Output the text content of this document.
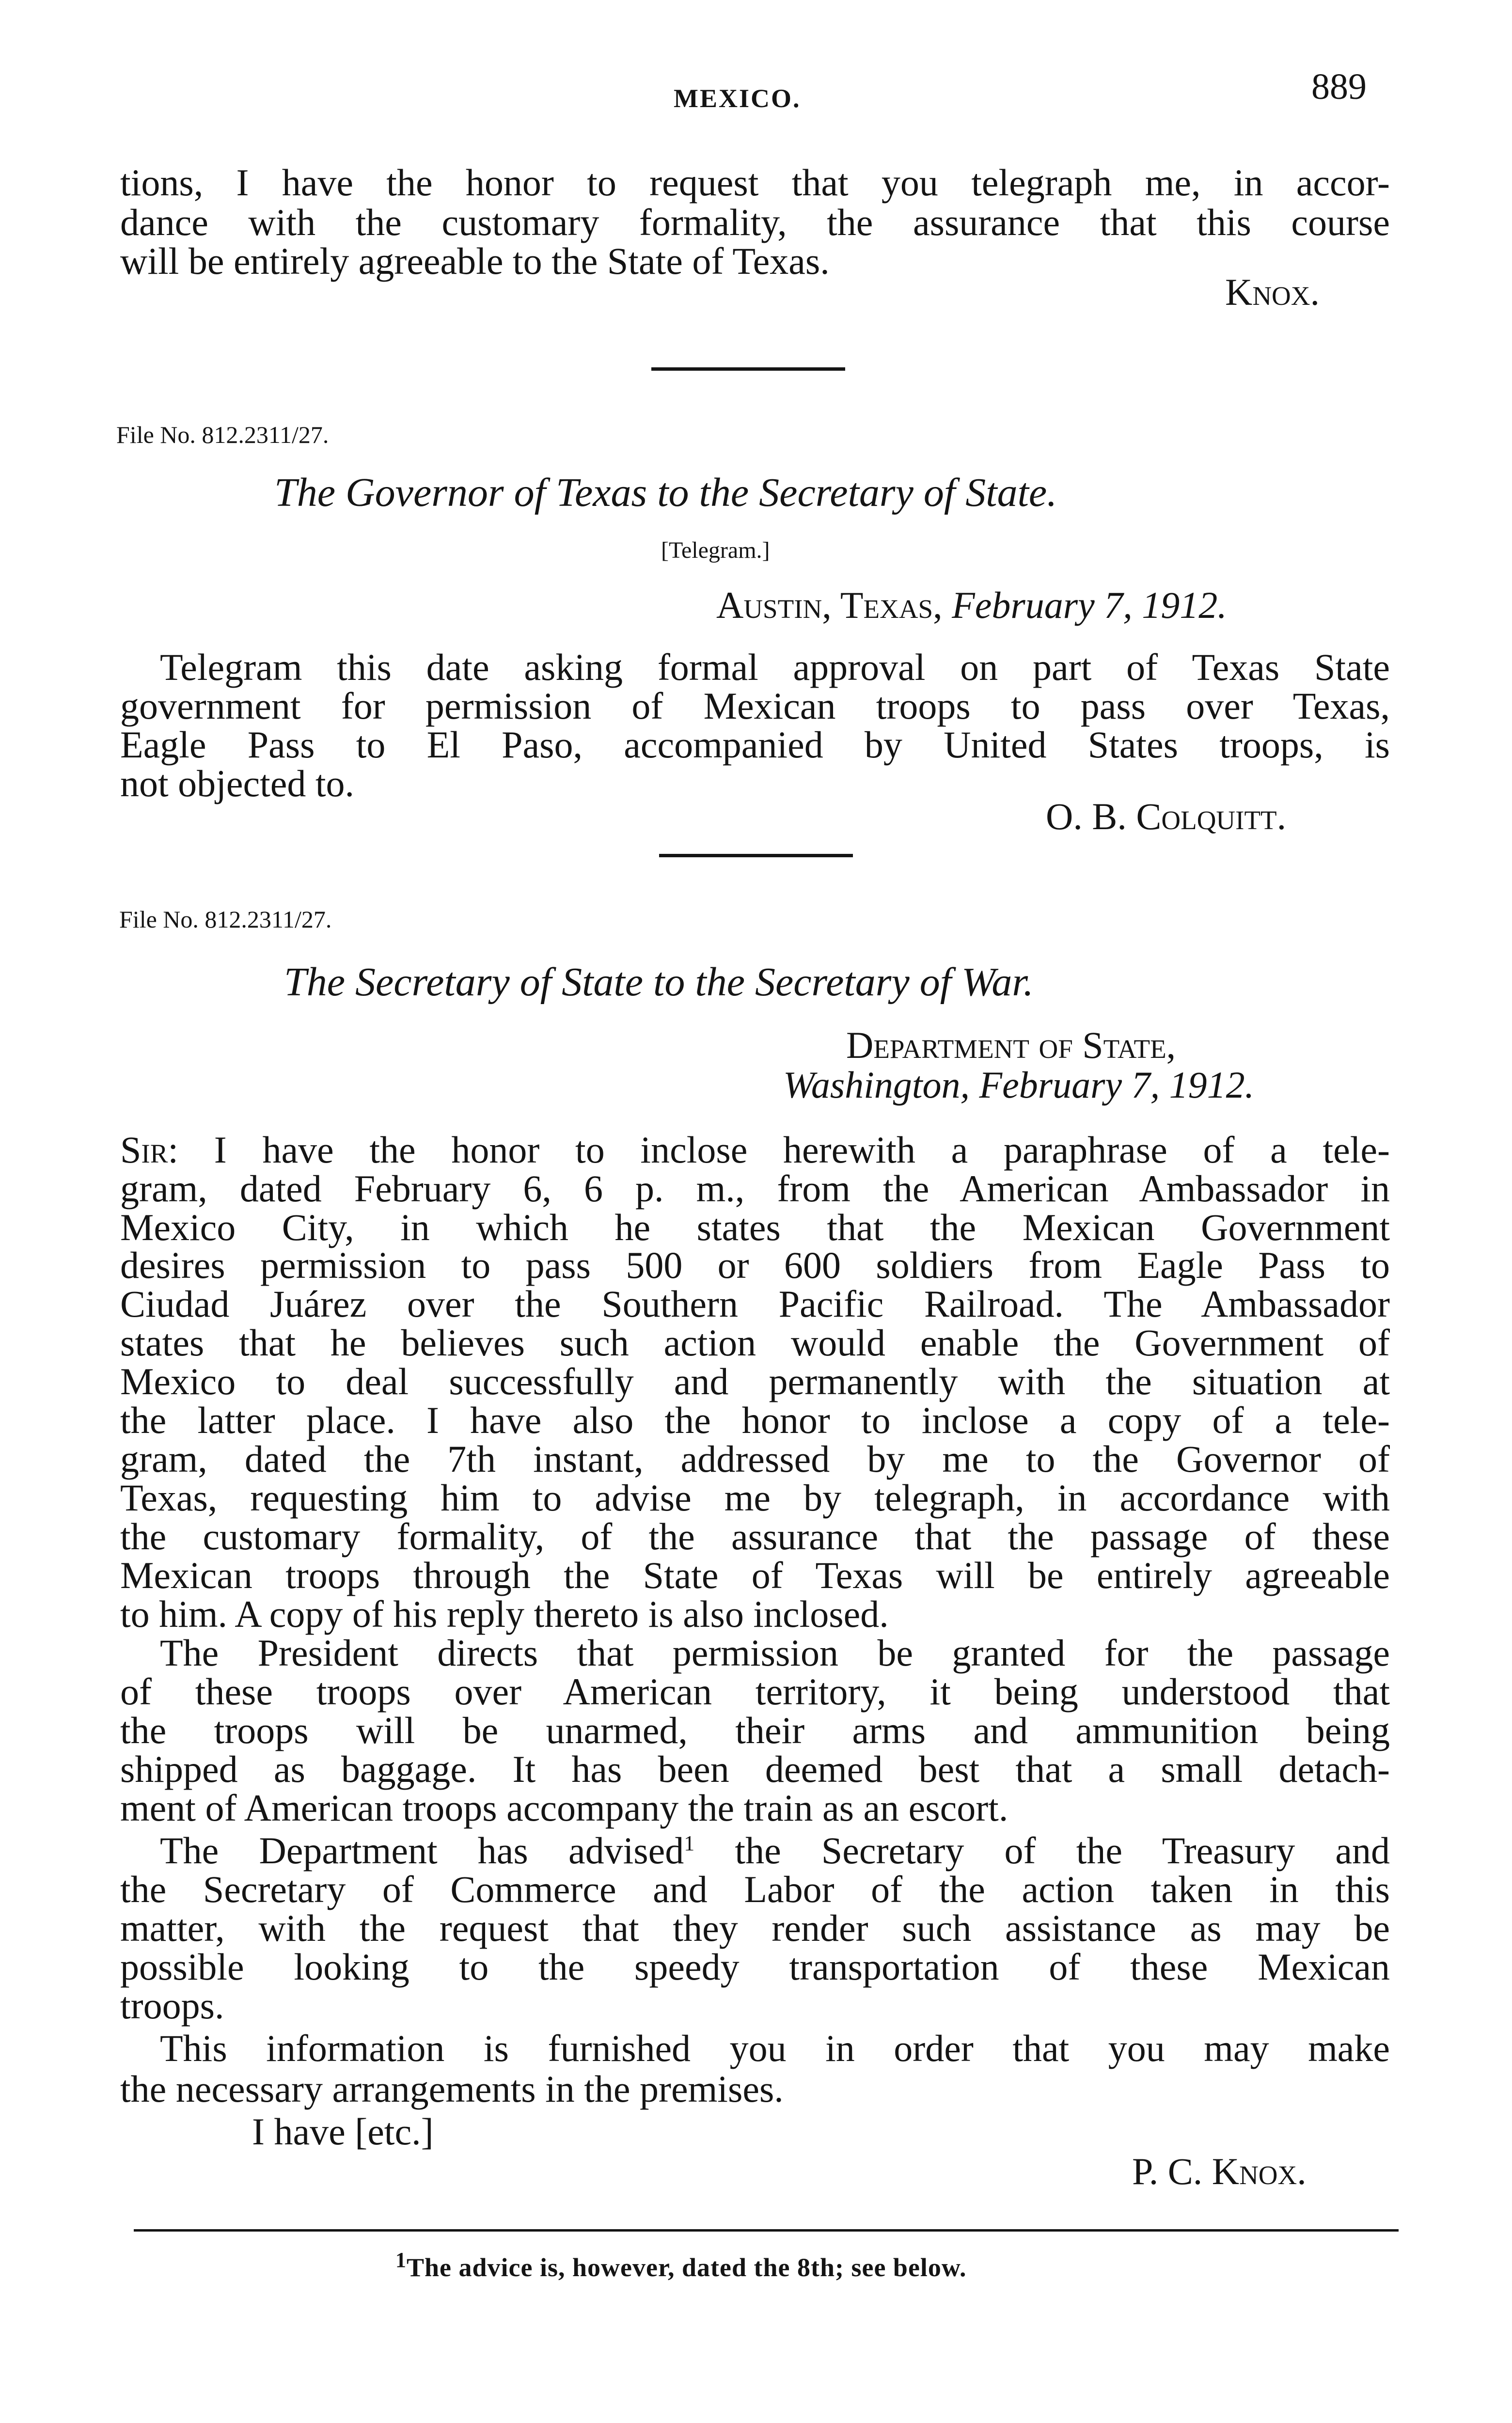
MEXICO.	889
tions, I have the honor to request that you telegraph me, in accor-
dance with the customary formality, the assurance that this course
will be entirely agreeable to the State of Texas.
Knox.
File No. 812.2311/27.
The Governor of Texas to the Secretary of State.
[Telegram.]
Austin, Texas, February 7, 1912.
Telegram this date asking formal approval on part of Texas State
government for permission of Mexican troops to pass over Texas,
Eagle Pass to El Paso, accompanied by United States troops, is
not objected to.
O. B. Colquitt.
File No. 812.2311/27.
The Secretary of State to the Secretary of War.
Department of State,
Washington, February 7, 1912.
Sir: I have the honor to inclose herewith a paraphrase of a tele-
gram, dated February 6, 6 p. m., from the American Ambassador in
Mexico City, in which he states that the Mexican Government
desires permission to pass 500 or 600 soldiers from Eagle Pass to
Ciudad Juárez over the Southern Pacific Railroad. The Ambassador
states that he believes such action would enable the Government of
Mexico to deal successfully and permanently with the situation at
the latter place. I have also the honor to inclose a copy of a tele-
gram, dated the 7th instant, addressed by me to the Governor of
Texas, requesting him to advise me by telegraph, in accordance with
the customary formality, of the assurance that the passage of these
Mexican troops through the State of Texas will be entirely agreeable
to him. A copy of his reply thereto is also inclosed.
The President directs that permission be granted for the passage
of these troops over American territory, it being understood that
the troops will be unarmed, their arms and ammunition being
shipped as baggage. It has been deemed best that a small detach-
ment of American troops accompany the train as an escort.
The Department has advised$^1$ the Secretary of the Treasury and
the Secretary of Commerce and Labor of the action taken in this
matter, with the request that they render such assistance as may be
possible looking to the speedy transportation of these Mexican
troops.
This information is furnished you in order that you may make
the necessary arrangements in the premises.
I have [etc.]
P. C. Knox.
$^1$The advice is, however, dated the 8th; see below.
